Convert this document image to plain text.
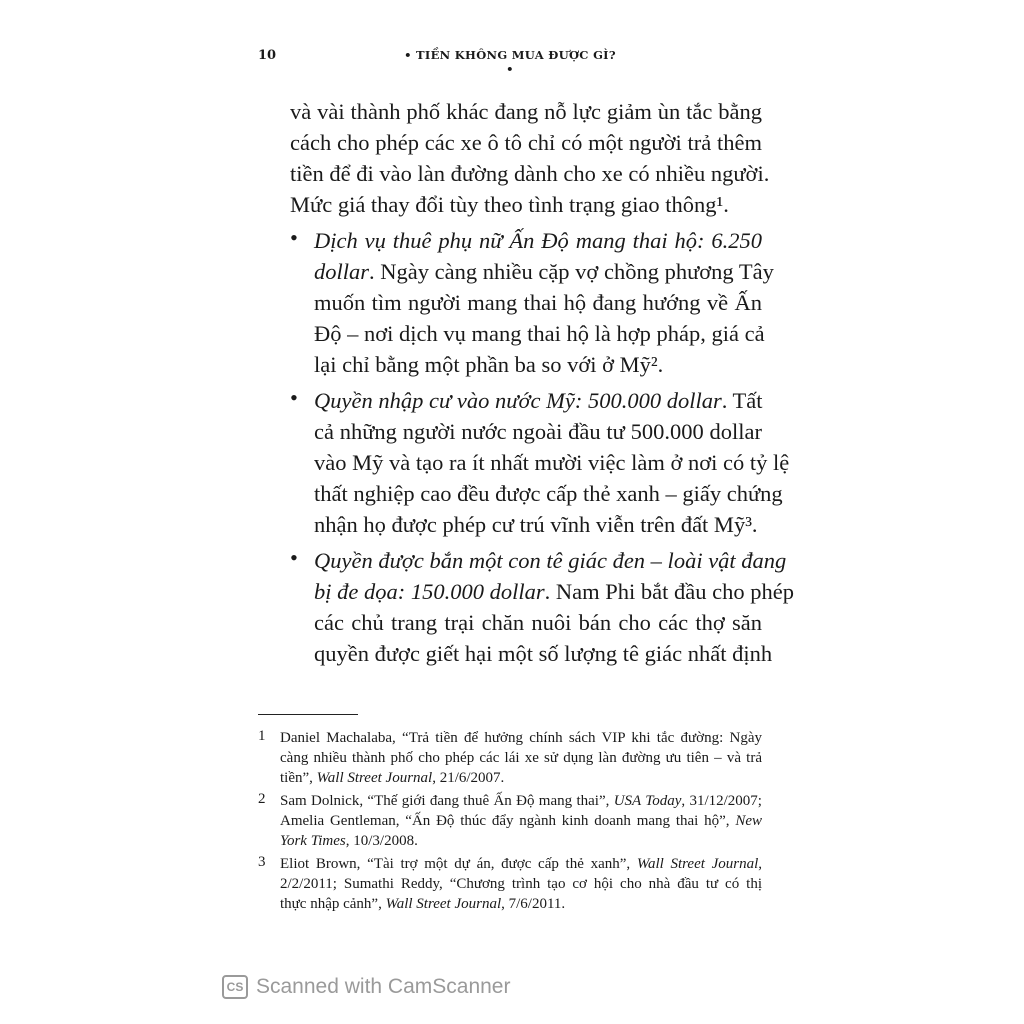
10	• TIỀN KHÔNG MUA ĐƯỢC GÌ? •
và vài thành phố khác đang nỗ lực giảm ùn tắc bằng
cách cho phép các xe ô tô chỉ có một người trả thêm
tiền để đi vào làn đường dành cho xe có nhiều người.
Mức giá thay đổi tùy theo tình trạng giao thông¹.
• Dịch vụ thuê phụ nữ Ấn Độ mang thai hộ: 6.250
dollar. Ngày càng nhiều cặp vợ chồng phương Tây
muốn tìm người mang thai hộ đang hướng về Ấn
Độ – nơi dịch vụ mang thai hộ là hợp pháp, giá cả
lại chỉ bằng một phần ba so với ở Mỹ².
• Quyền nhập cư vào nước Mỹ: 500.000 dollar. Tất
cả những người nước ngoài đầu tư 500.000 dollar
vào Mỹ và tạo ra ít nhất mười việc làm ở nơi có tỷ lệ
thất nghiệp cao đều được cấp thẻ xanh – giấy chứng
nhận họ được phép cư trú vĩnh viễn trên đất Mỹ³.
• Quyền được bắn một con tê giác đen – loài vật đang
bị đe dọa: 150.000 dollar. Nam Phi bắt đầu cho phép
các chủ trang trại chăn nuôi bán cho các thợ săn
quyền được giết hại một số lượng tê giác nhất định
1 Daniel Machalaba, “Trả tiền để hưởng chính sách VIP khi tắc đường: Ngày
càng nhiều thành phố cho phép các lái xe sử dụng làn đường ưu tiên – và trả
tiền”, Wall Street Journal, 21/6/2007.
2 Sam Dolnick, “Thế giới đang thuê Ấn Độ mang thai”, USA Today, 31/12/2007;
Amelia Gentleman, “Ấn Độ thúc đẩy ngành kinh doanh mang thai hộ”, New
York Times, 10/3/2008.
3 Eliot Brown, “Tài trợ một dự án, được cấp thẻ xanh”, Wall Street Journal,
2/2/2011; Sumathi Reddy, “Chương trình tạo cơ hội cho nhà đầu tư có thị
thực nhập cảnh”, Wall Street Journal, 7/6/2011.
CS Scanned with CamScanner
